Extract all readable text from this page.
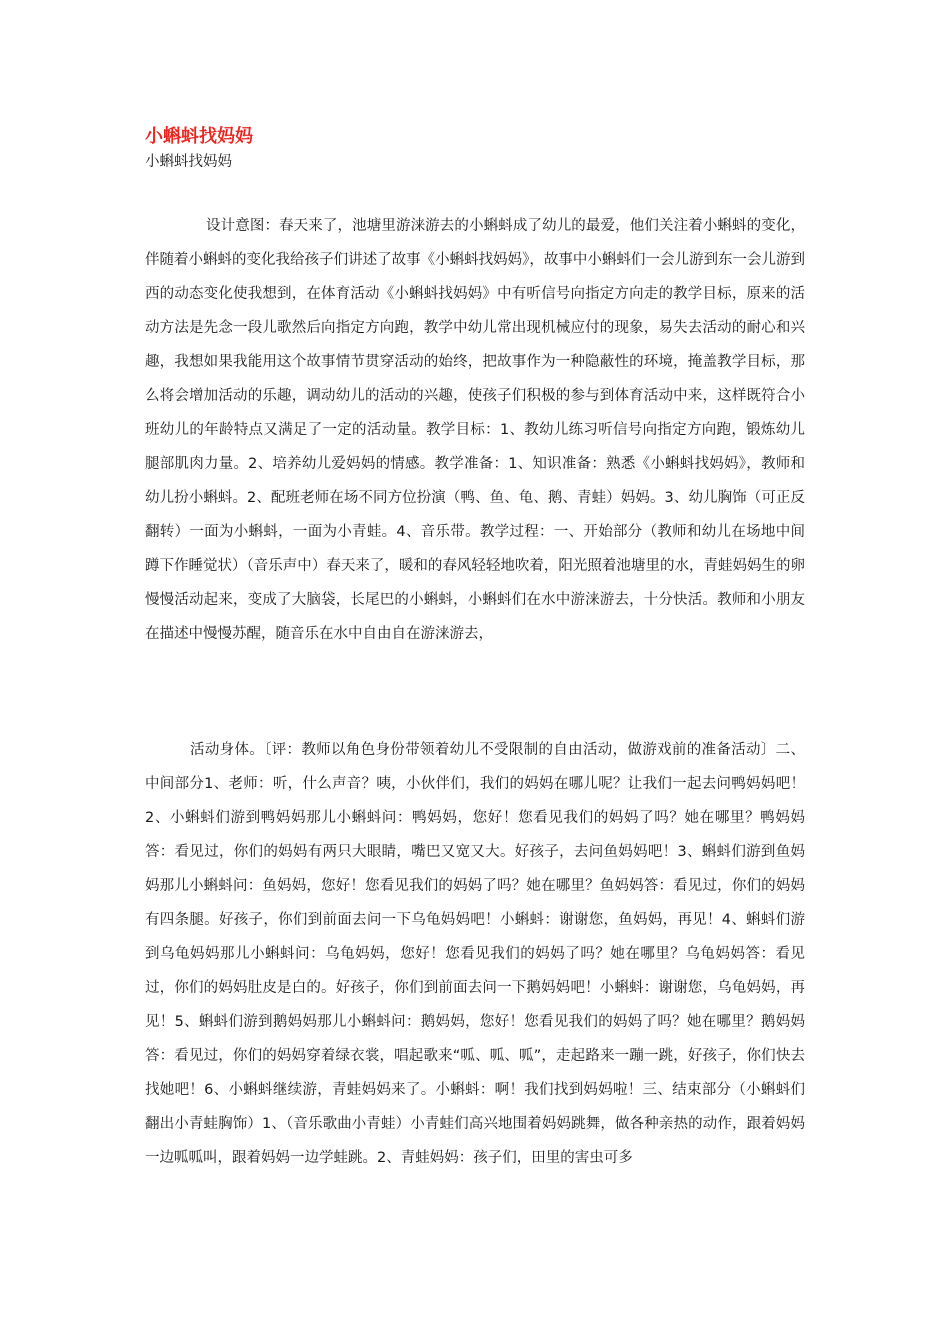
小蝌蚪找妈妈
小蝌蚪找妈妈

设计意图：春天来了，池塘里游涞游去的小蝌蚪成了幼儿的最爱，他们关注着小蝌蚪的变化，伴随着小蝌蚪的变化我给孩子们讲述了故事《小蝌蚪找妈妈》，故事中小蝌蚪们一会儿游到东一会儿游到西的动态变化使我想到，在体育活动《小蝌蚪找妈妈》中有听信号向指定方向走的教学目标，原来的活动方法是先念一段儿歌然后向指定方向跑，教学中幼儿常出现机械应付的现象，易失去活动的耐心和兴趣，我想如果我能用这个故事情节贯穿活动的始终，把故事作为一种隐蔽性的环境，掩盖教学目标，那么将会增加活动的乐趣，调动幼儿的活动的兴趣，使孩子们积极的参与到体育活动中来，这样既符合小班幼儿的年龄特点又满足了一定的活动量。教学目标：1、教幼儿练习听信号向指定方向跑，锻炼幼儿腿部肌肉力量。2、培养幼儿爱妈妈的情感。教学准备：1、知识准备：熟悉《小蝌蚪找妈妈》，教师和幼儿扮小蝌蚪。2、配班老师在场不同方位扮演（鸭、鱼、龟、鹅、青蛙）妈妈。3、幼儿胸饰（可正反翻转）一面为小蝌蚪，一面为小青蛙。4、音乐带。教学过程：一、开始部分（教师和幼儿在场地中间蹲下作睡觉状）（音乐声中）春天来了，暖和的春风轻轻地吹着，阳光照着池塘里的水，青蛙妈妈生的卵慢慢活动起来，变成了大脑袋，长尾巴的小蝌蚪，小蝌蚪们在水中游涞游去，十分快活。教师和小朋友在描述中慢慢苏醒，随音乐在水中自由自在游涞游去，

活动身体。〔评：教师以角色身份带领着幼儿不受限制的自由活动，做游戏前的准备活动〕二、中间部分1、老师：听，什么声音？咦，小伙伴们，我们的妈妈在哪儿呢？让我们一起去问鸭妈妈吧！2、小蝌蚪们游到鸭妈妈那儿小蝌蚪问：鸭妈妈，您好！您看见我们的妈妈了吗？她在哪里？鸭妈妈答：看见过，你们的妈妈有两只大眼睛，嘴巴又宽又大。好孩子，去问鱼妈妈吧！3、蝌蚪们游到鱼妈妈那儿小蝌蚪问：鱼妈妈，您好！您看见我们的妈妈了吗？她在哪里？鱼妈妈答：看见过，你们的妈妈有四条腿。好孩子，你们到前面去问一下乌龟妈妈吧！小蝌蚪：谢谢您，鱼妈妈，再见！4、蝌蚪们游到乌龟妈妈那儿小蝌蚪问：乌龟妈妈，您好！您看见我们的妈妈了吗？她在哪里？乌龟妈妈答：看见过，你们的妈妈肚皮是白的。好孩子，你们到前面去问一下鹅妈妈吧！小蝌蚪：谢谢您，乌龟妈妈，再见！5、蝌蚪们游到鹅妈妈那儿小蝌蚪问：鹅妈妈，您好！您看见我们的妈妈了吗？她在哪里？鹅妈妈答：看见过，你们的妈妈穿着绿衣裳，唱起歌来“呱、呱、呱”，走起路来一蹦一跳，好孩子，你们快去找她吧！6、小蝌蚪继续游，青蛙妈妈来了。小蝌蚪：啊！我们找到妈妈啦！三、结束部分（小蝌蚪们翻出小青蛙胸饰）1、（音乐歌曲小青蛙）小青蛙们高兴地围着妈妈跳舞，做各种亲热的动作，跟着妈妈一边呱呱叫，跟着妈妈一边学蛙跳。2、青蛙妈妈：孩子们，田里的害虫可多
